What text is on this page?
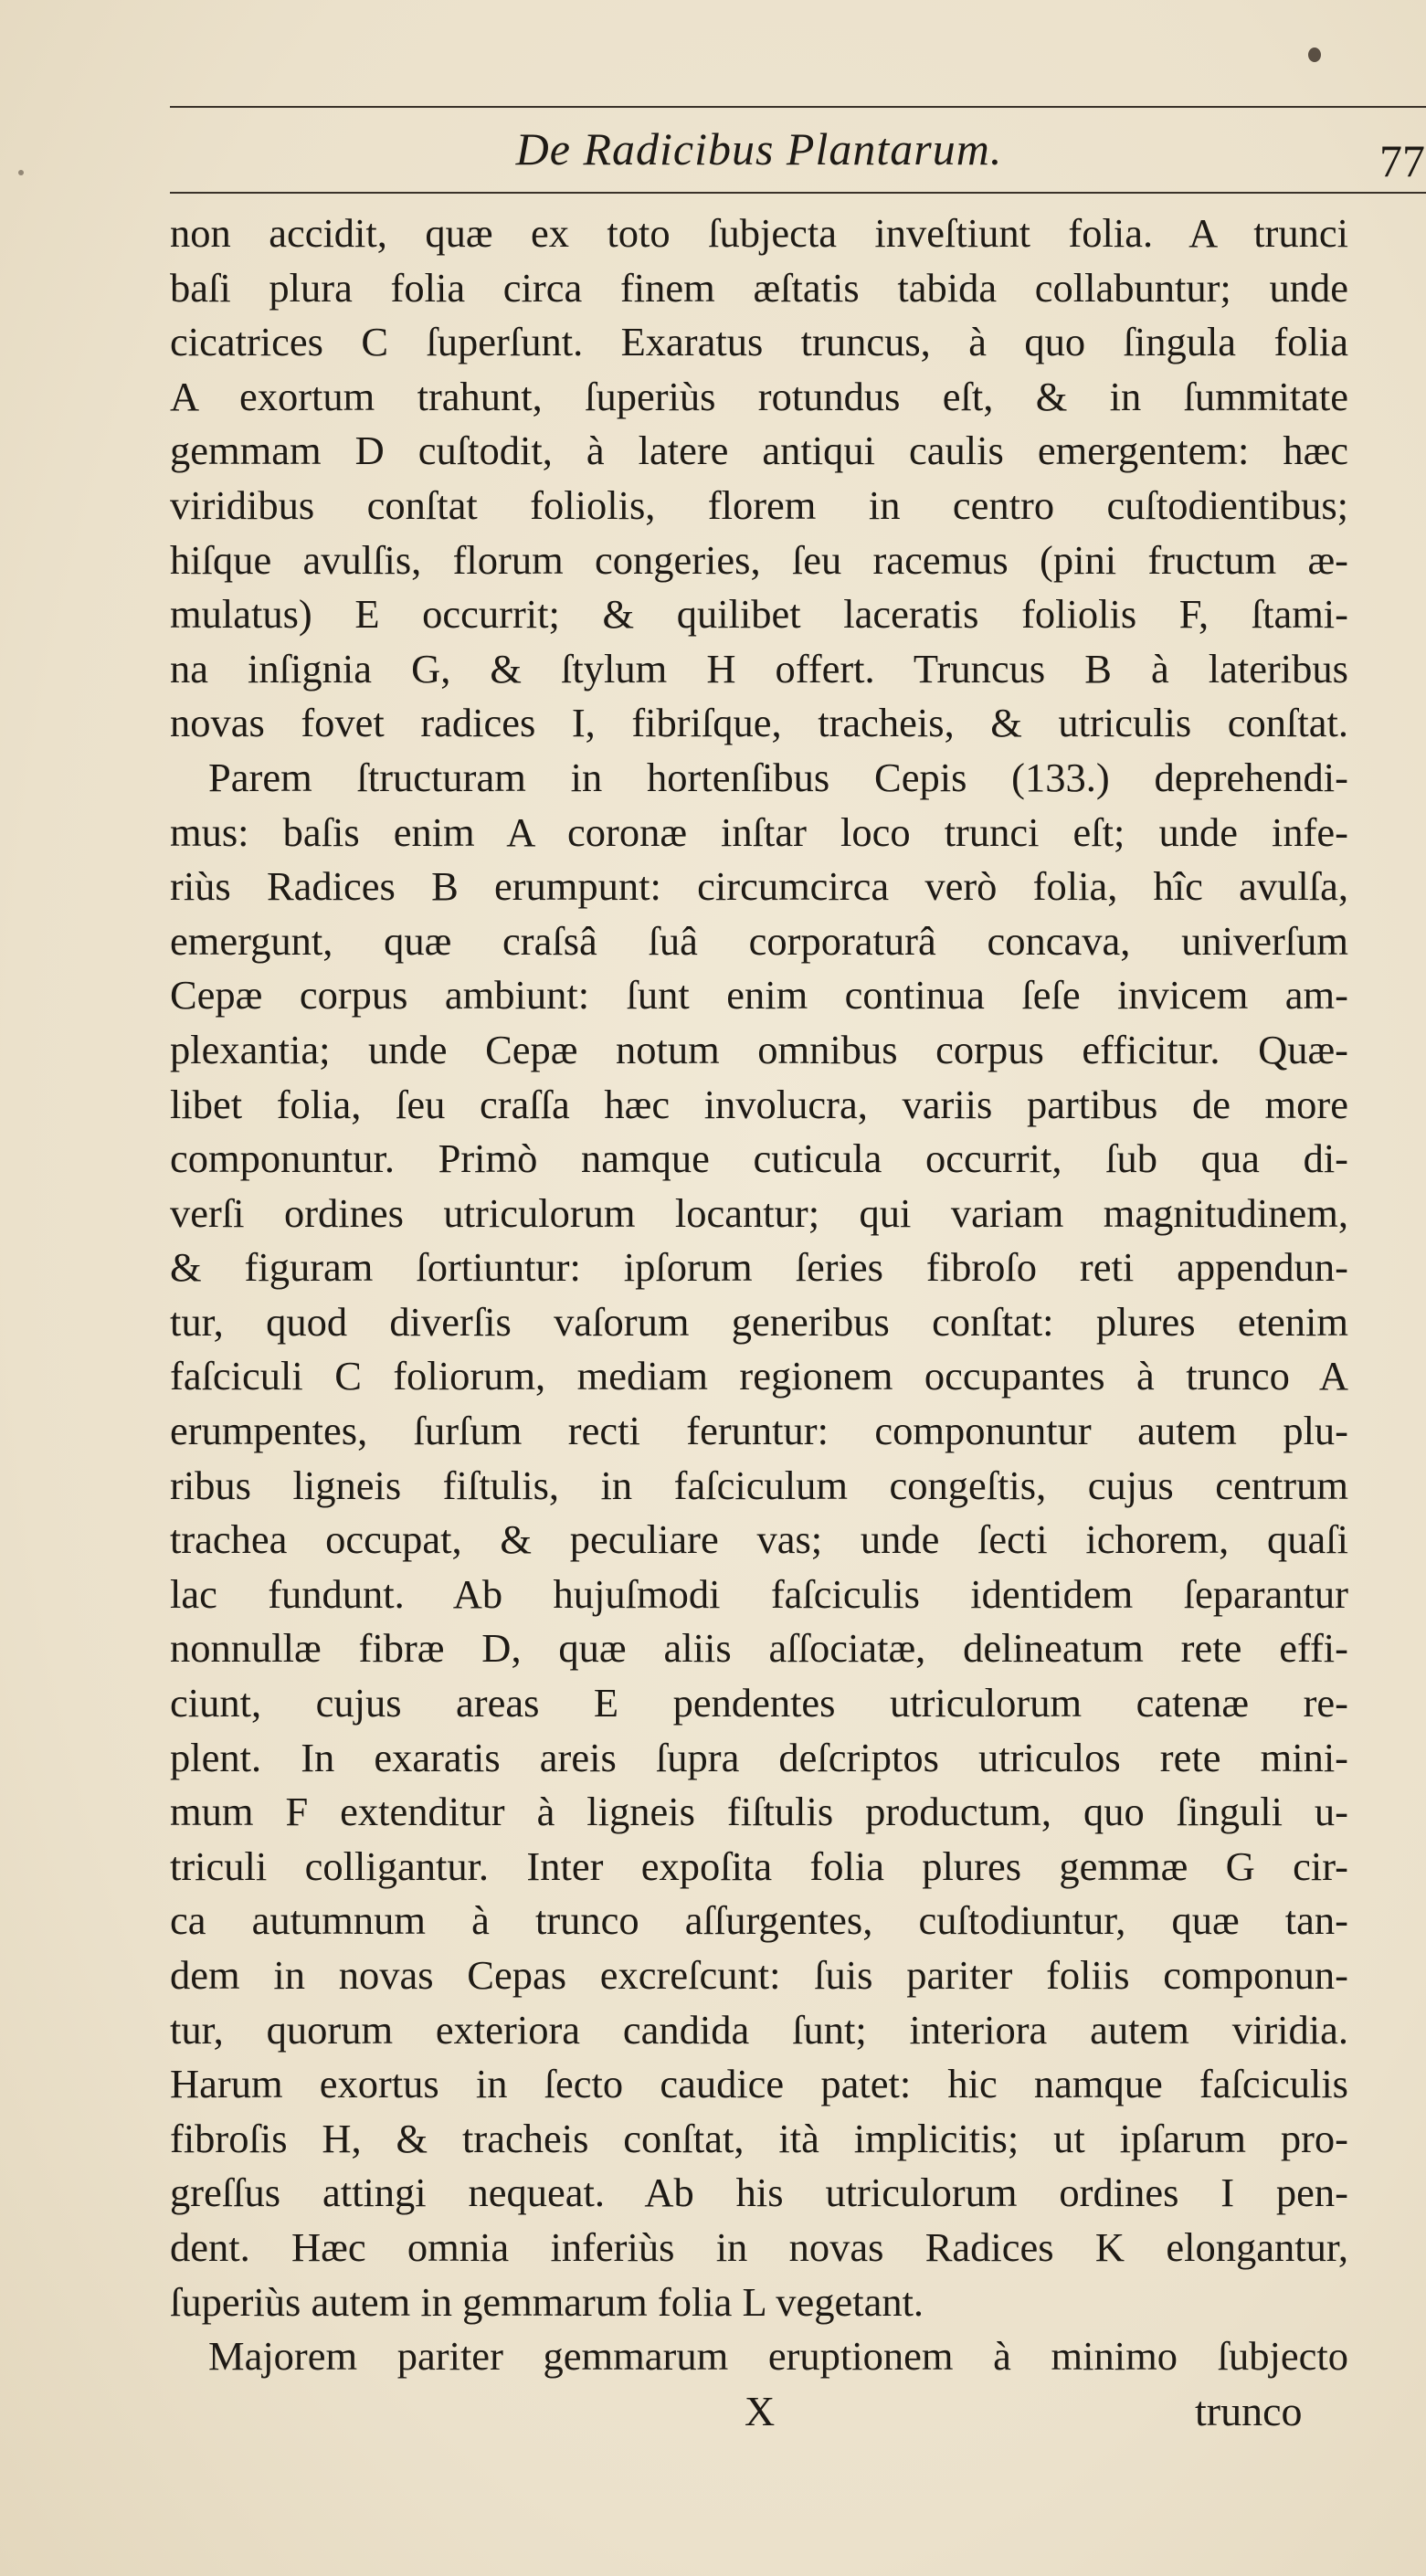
De Radicibus Plantarum.	77
non accidit, quæ ex toto ſubjecta inveſtiunt folia. A trunci
baſi plura folia circa finem æſtatis tabida collabuntur; unde
cicatrices C ſuperſunt. Exaratus truncus, à quo ſingula folia
A exortum trahunt, ſuperiùs rotundus eſt, & in ſummitate
gemmam D cuſtodit, à latere antiqui caulis emergentem: hæc
viridibus conſtat foliolis, florem in centro cuſtodientibus;
hiſque avulſis, florum congeries, ſeu racemus (pini fructum æ-
mulatus) E occurrit; & quilibet laceratis foliolis F, ſtami-
na inſignia G, & ſtylum H offert. Truncus B à lateribus
novas fovet radices I, fibriſque, tracheis, & utriculis conſtat.
Parem ſtructuram in hortenſibus Cepis (133.) deprehendi-
mus: baſis enim A coronæ inſtar loco trunci eſt; unde infe-
riùs Radices B erumpunt: circumcirca verò folia, hîc avulſa,
emergunt, quæ craſsâ ſuâ corporaturâ concava, univerſum
Cepæ corpus ambiunt: ſunt enim continua ſeſe invicem am-
plexantia; unde Cepæ notum omnibus corpus efficitur. Quæ-
libet folia, ſeu craſſa hæc involucra, variis partibus de more
componuntur. Primò namque cuticula occurrit, ſub qua di-
verſi ordines utriculorum locantur; qui variam magnitudinem,
& figuram ſortiuntur: ipſorum ſeries fibroſo reti appendun-
tur, quod diverſis vaſorum generibus conſtat: plures etenim
faſciculi C foliorum, mediam regionem occupantes à trunco A
erumpentes, ſurſum recti feruntur: componuntur autem plu-
ribus ligneis fiſtulis, in faſciculum congeſtis, cujus centrum
trachea occupat, & peculiare vas; unde ſecti ichorem, quaſi
lac fundunt. Ab hujuſmodi faſciculis identidem ſeparantur
nonnullæ fibræ D, quæ aliis aſſociatæ, delineatum rete effi-
ciunt, cujus areas E pendentes utriculorum catenæ re-
plent. In exaratis areis ſupra deſcriptos utriculos rete mini-
mum F extenditur à ligneis fiſtulis productum, quo ſinguli u-
triculi colligantur. Inter expoſita folia plures gemmæ G cir-
ca autumnum à trunco aſſurgentes, cuſtodiuntur, quæ tan-
dem in novas Cepas excreſcunt: ſuis pariter foliis componun-
tur, quorum exteriora candida ſunt; interiora autem viridia.
Harum exortus in ſecto caudice patet: hic namque faſciculis
fibroſis H, & tracheis conſtat, ità implicitis; ut ipſarum pro-
greſſus attingi nequeat. Ab his utriculorum ordines I pen-
dent. Hæc omnia inferiùs in novas Radices K elongantur,
ſuperiùs autem in gemmarum folia L vegetant.
Majorem pariter gemmarum eruptionem à minimo ſubjecto
X	trunco
